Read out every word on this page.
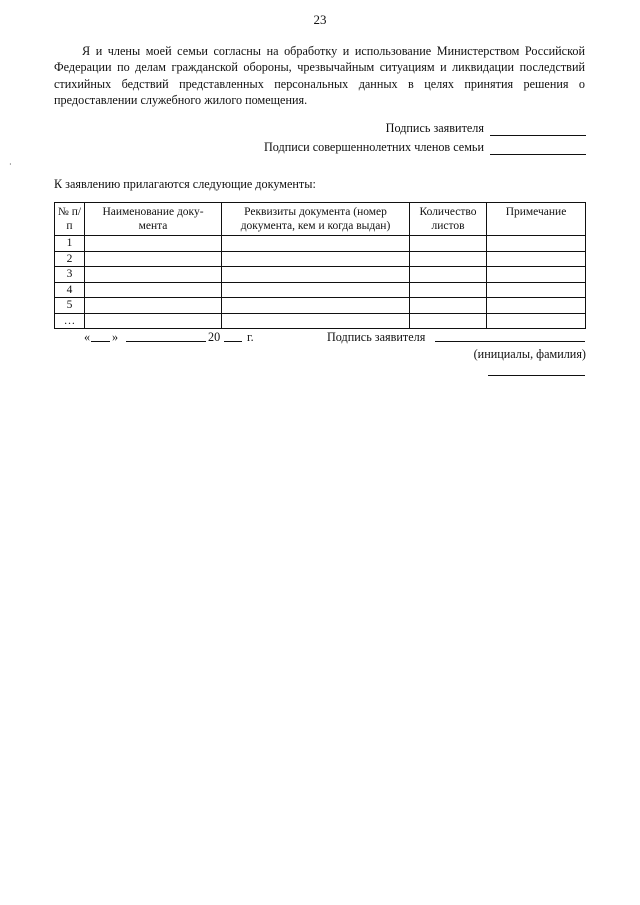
23

Я и члены моей семьи согласны на обработку и использование Министерством Российской Федерации по делам гражданской обороны, чрезвычайным ситуациям и ликвидации последствий стихийных бедствий представленных персональных данных в целях принятия решения о предоставлении служебного жилого помещения.

Подпись заявителя
Подписи совершеннолетних членов семьи
К заявлению прилагаются следующие документы:
№ п/п	Наименование доку- мента	Реквизиты документа (номер документа, кем и когда выдан)	Количество листов	Примечание
1				
2				
3				
4				
5				
…				
« »	20 г.	Подпись заявителя
(инициалы, фамилия)
·
